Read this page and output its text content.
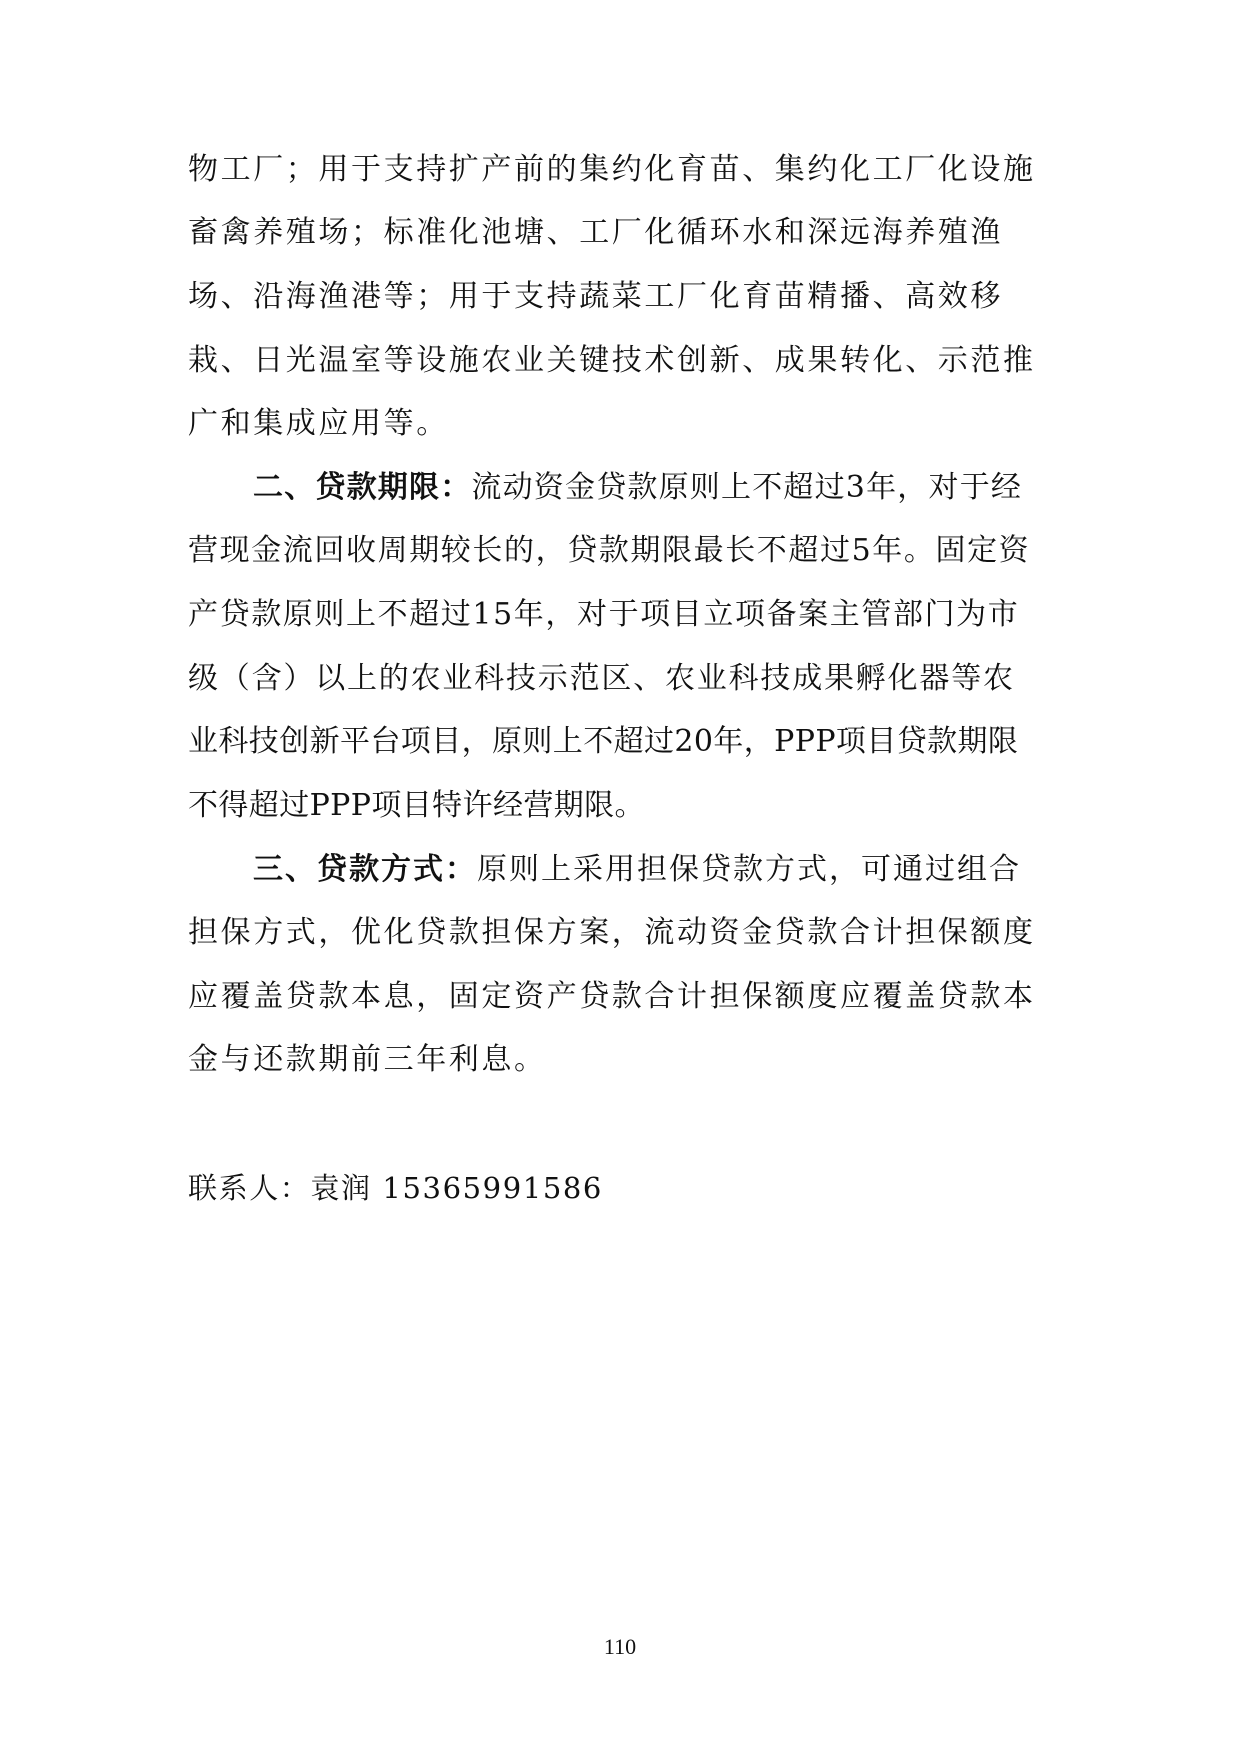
物工厂；用于支持扩产前的集约化育苗、集约化工厂化设施
畜禽养殖场；标准化池塘、工厂化循环水和深远海养殖渔
场、沿海渔港等；用于支持蔬菜工厂化育苗精播、高效移
栽、日光温室等设施农业关键技术创新、成果转化、示范推
广和集成应用等。
二、贷款期限：流动资金贷款原则上不超过3年，对于经
营现金流回收周期较长的，贷款期限最长不超过5年。固定资
产贷款原则上不超过15年，对于项目立项备案主管部门为市
级（含）以上的农业科技示范区、农业科技成果孵化器等农
业科技创新平台项目，原则上不超过20年，PPP项目贷款期限
不得超过PPP项目特许经营期限。
三、贷款方式：原则上采用担保贷款方式，可通过组合
担保方式，优化贷款担保方案，流动资金贷款合计担保额度
应覆盖贷款本息，固定资产贷款合计担保额度应覆盖贷款本
金与还款期前三年利息。
联系人：袁润 15365991586
110
